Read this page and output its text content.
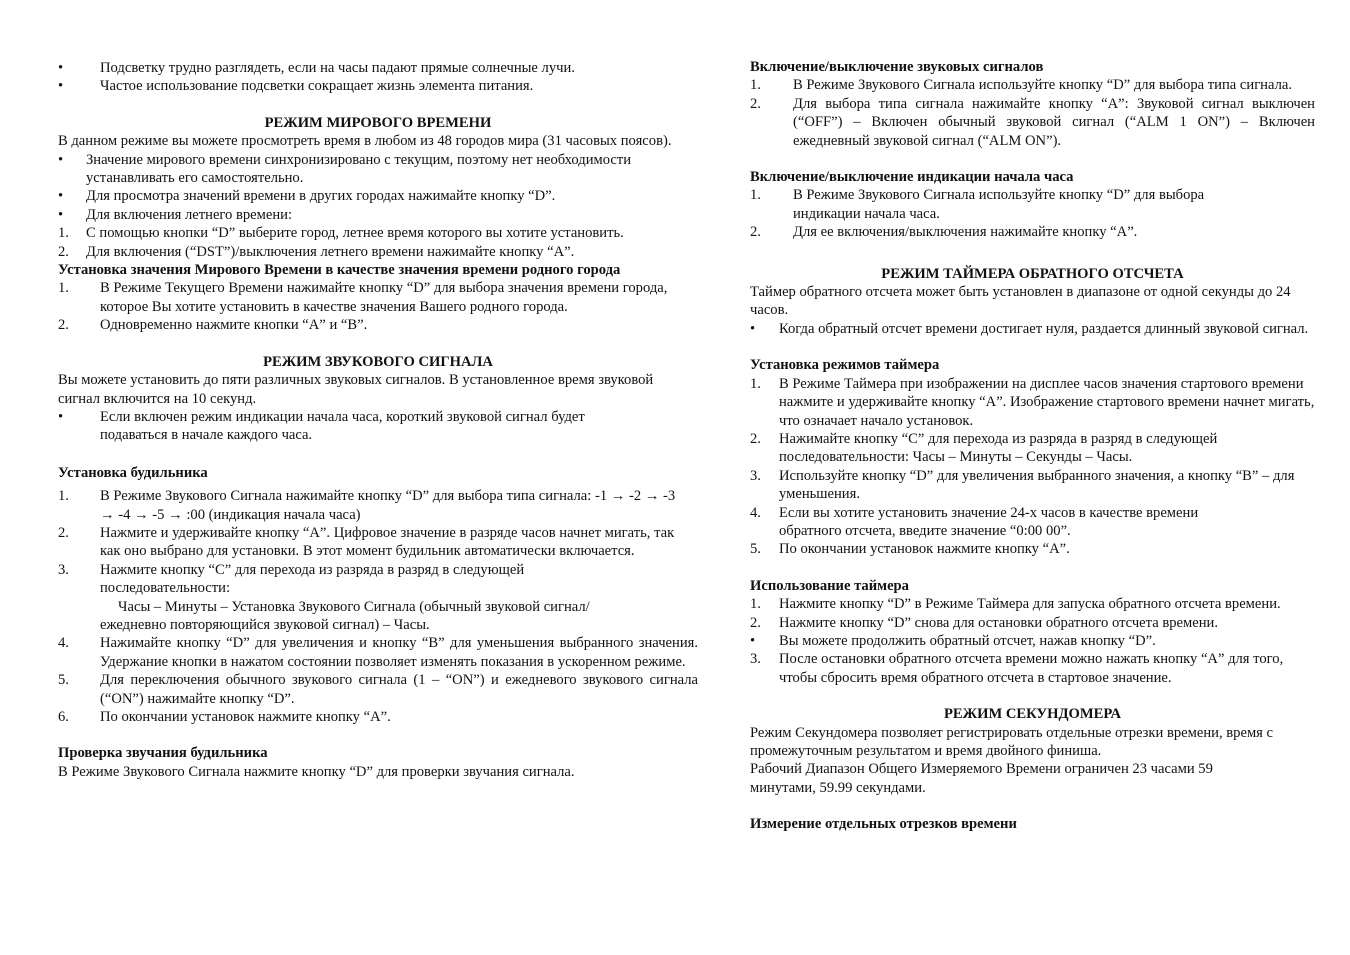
•	Подсветку трудно разглядеть, если на часы падают прямые солнечные лучи.
•	Частое использование подсветки сокращает жизнь элемента питания.

РЕЖИМ МИРОВОГО ВРЕМЕНИ

В данном режиме вы можете просмотреть время в любом из 48 городов мира (31 часовых поясов).

•	Значение мирового времени синхронизировано с текущим, поэтому нет необходимости устанавливать его самостоятельно.
•	Для просмотра значений времени в других городах нажимайте кнопку “D”.
•	Для включения летнего времени:
1.	С помощью кнопки “D” выберите город, летнее время которого вы хотите установить.
2.	Для включения (“DST”)/выключения летнего времени нажимайте кнопку “A”.

Установка значения Мирового Времени в качестве значения времени родного города

1.	В Режиме Текущего Времени нажимайте кнопку “D” для выбора значения времени города, которое Вы хотите установить в качестве значения Вашего родного города.
2.	Одновременно нажмите кнопки “A” и “B”.

РЕЖИМ ЗВУКОВОГО СИГНАЛА

Вы можете установить до пяти различных звуковых сигналов. В установленное время звуковой сигнал включится на 10 секунд.

•	Если включен режим индикации начала часа, короткий звуковой сигнал будет подаваться в начале каждого часа.

Установка будильника

1.	В Режиме Звукового Сигнала нажимайте кнопку “D” для выбора типа сигнала: -1 → -2 → -3 → -4 → -5 → :00 (индикация начала часа)
2.	Нажмите и удерживайте кнопку “A”. Цифровое значение в разряде часов начнет мигать, так как оно выбрано для установки. В этот момент будильник автоматически включается.
3.	Нажмите кнопку “C” для перехода из разряда в разряд в следующей последовательности:

Часы – Минуты – Установка Звукового Сигнала (обычный звуковой сигнал/ежедневно повторяющийся звуковой сигнал) – Часы.

4.	Нажимайте кнопку “D” для увеличения и кнопку “B” для уменьшения выбранного значения. Удержание кнопки в нажатом состоянии позволяет изменять показания в ускоренном режиме.
5.	Для переключения обычного звукового сигнала (1 – “ON”) и ежедневого звукового сигнала (“ON”) нажимайте кнопку “D”.
6.	По окончании установок нажмите кнопку “A”.

Проверка звучания будильника

В Режиме Звукового Сигнала нажмите кнопку “D” для проверки звучания сигнала.

Включение/выключение звуковых сигналов

1.	В Режиме Звукового Сигнала используйте кнопку “D” для выбора типа сигнала.
2.	Для выбора типа сигнала нажимайте кнопку “A”: Звуковой сигнал выключен (“OFF”) – Включен обычный звуковой сигнал (“ALM 1 ON”) – Включен ежедневный звуковой сигнал (“ALM ON”).

Включение/выключение индикации начала часа

1.	В Режиме Звукового Сигнала используйте кнопку “D” для выбора индикации начала часа.
2.	Для ее включения/выключения нажимайте кнопку “A”.

РЕЖИМ ТАЙМЕРА ОБРАТНОГО ОТСЧЕТА

Таймер обратного отсчета может быть установлен в диапазоне от одной секунды до 24 часов.

•	Когда обратный отсчет времени достигает нуля, раздается длинный звуковой сигнал.

Установка режимов таймера

1.	В Режиме Таймера при изображении на дисплее часов значения стартового времени нажмите и удерживайте кнопку “A”. Изображение стартового времени начнет мигать, что означает начало установок.
2.	Нажимайте кнопку “C” для перехода из разряда в разряд в следующей последовательности: Часы – Минуты – Секунды – Часы.
3.	Используйте кнопку “D” для увеличения выбранного значения, а кнопку “B” – для уменьшения.
4.	Если вы хотите установить значение 24-х часов в качестве времени обратного отсчета, введите значение “0:00 00”.
5.	По окончании установок нажмите кнопку “A”.

Использование таймера

1.	Нажмите кнопку “D” в Режиме Таймера для запуска обратного отсчета времени.
2.	Нажмите кнопку “D” снова для остановки обратного отсчета времени.
•	Вы можете продолжить обратный отсчет, нажав кнопку “D”.
3.	После остановки обратного отсчета времени можно нажать кнопку “A” для того, чтобы сбросить время обратного отсчета в стартовое значение.

РЕЖИМ СЕКУНДОМЕРА

Режим Секундомера позволяет регистрировать отдельные отрезки времени, время с промежуточным результатом и время двойного финиша.

Рабочий Диапазон Общего Измеряемого Времени ограничен 23 часами 59 минутами, 59.99 секундами.

Измерение отдельных отрезков времени
